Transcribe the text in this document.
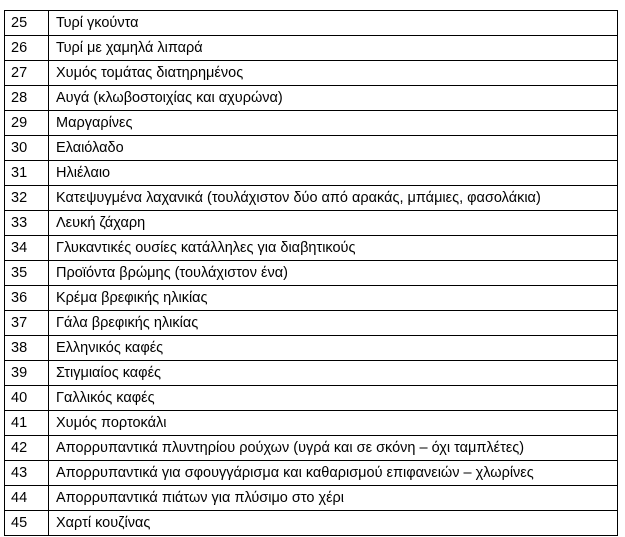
25	Τυρί γκούντα
26	Τυρί με χαμηλά λιπαρά
27	Χυμός τομάτας διατηρημένος
28	Αυγά (κλωβοστοιχίας και αχυρώνα)
29	Μαργαρίνες
30	Ελαιόλαδο
31	Ηλιέλαιο
32	Κατεψυγμένα λαχανικά (τουλάχιστον δύο από αρακάς, μπάμιες, φασολάκια)
33	Λευκή ζάχαρη
34	Γλυκαντικές ουσίες κατάλληλες για διαβητικούς
35	Προϊόντα βρώμης (τουλάχιστον ένα)
36	Κρέμα βρεφικής ηλικίας
37	Γάλα βρεφικής ηλικίας
38	Ελληνικός καφές
39	Στιγμιαίος καφές
40	Γαλλικός καφές
41	Χυμός πορτοκάλι
42	Απορρυπαντικά πλυντηρίου ρούχων (υγρά και σε σκόνη – όχι ταμπλέτες)
43	Απορρυπαντικά για σφουγγάρισμα και καθαρισμού επιφανειών – χλωρίνες
44	Απορρυπαντικά πιάτων για πλύσιμο στο χέρι
45	Χαρτί κουζίνας
